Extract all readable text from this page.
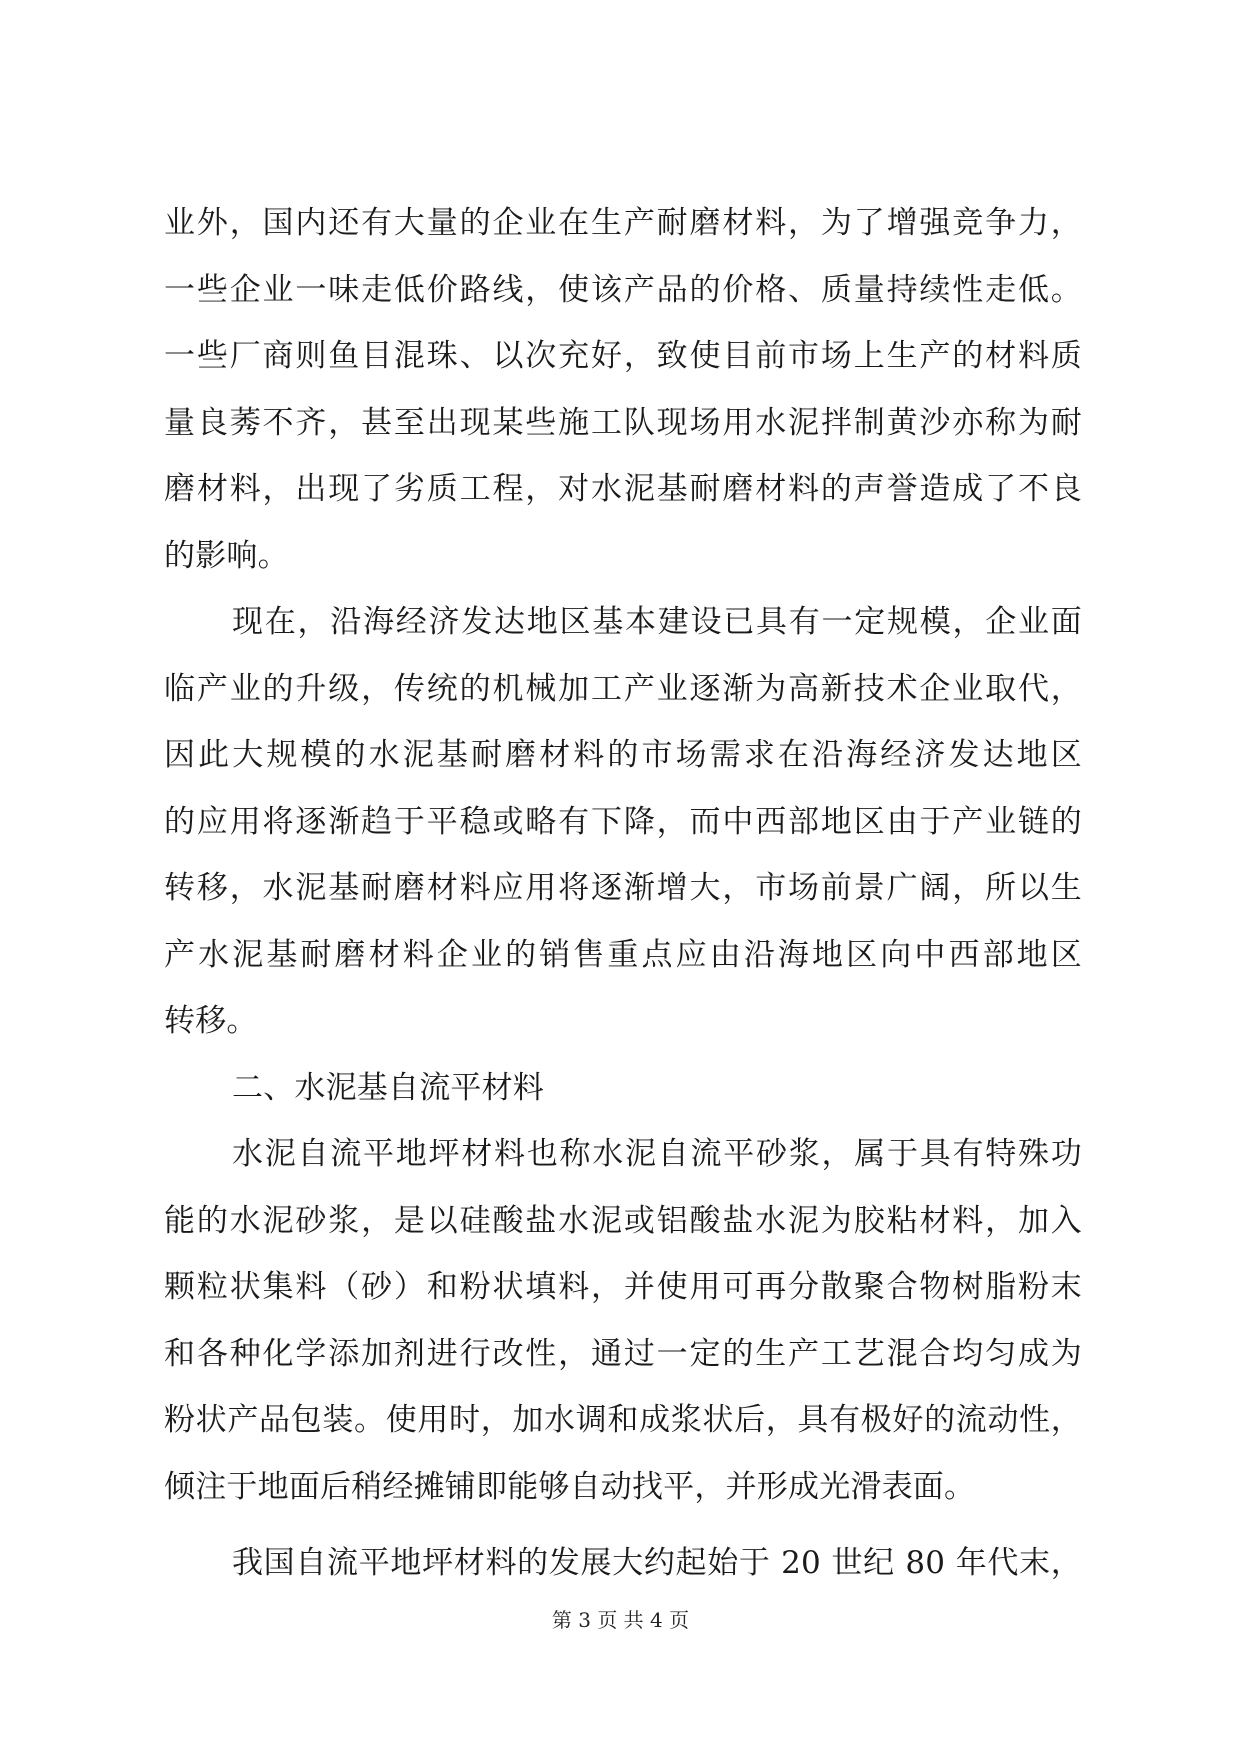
业外，国内还有大量的企业在生产耐磨材料，为了增强竞争力，
一些企业一味走低价路线，使该产品的价格、质量持续性走低。
一些厂商则鱼目混珠、以次充好，致使目前市场上生产的材料质
量良莠不齐，甚至出现某些施工队现场用水泥拌制黄沙亦称为耐
磨材料，出现了劣质工程，对水泥基耐磨材料的声誉造成了不良
的影响。
现在，沿海经济发达地区基本建设已具有一定规模，企业面
临产业的升级，传统的机械加工产业逐渐为高新技术企业取代，
因此大规模的水泥基耐磨材料的市场需求在沿海经济发达地区
的应用将逐渐趋于平稳或略有下降，而中西部地区由于产业链的
转移，水泥基耐磨材料应用将逐渐增大，市场前景广阔，所以生
产水泥基耐磨材料企业的销售重点应由沿海地区向中西部地区
转移。
二、水泥基自流平材料
水泥自流平地坪材料也称水泥自流平砂浆，属于具有特殊功
能的水泥砂浆，是以硅酸盐水泥或铝酸盐水泥为胶粘材料，加入
颗粒状集料（砂）和粉状填料，并使用可再分散聚合物树脂粉末
和各种化学添加剂进行改性，通过一定的生产工艺混合均匀成为
粉状产品包装。使用时，加水调和成浆状后，具有极好的流动性，
倾注于地面后稍经摊铺即能够自动找平，并形成光滑表面。
我国自流平地坪材料的发展大约起始于 20 世纪 80 年代末，
第 3 页 共 4 页
